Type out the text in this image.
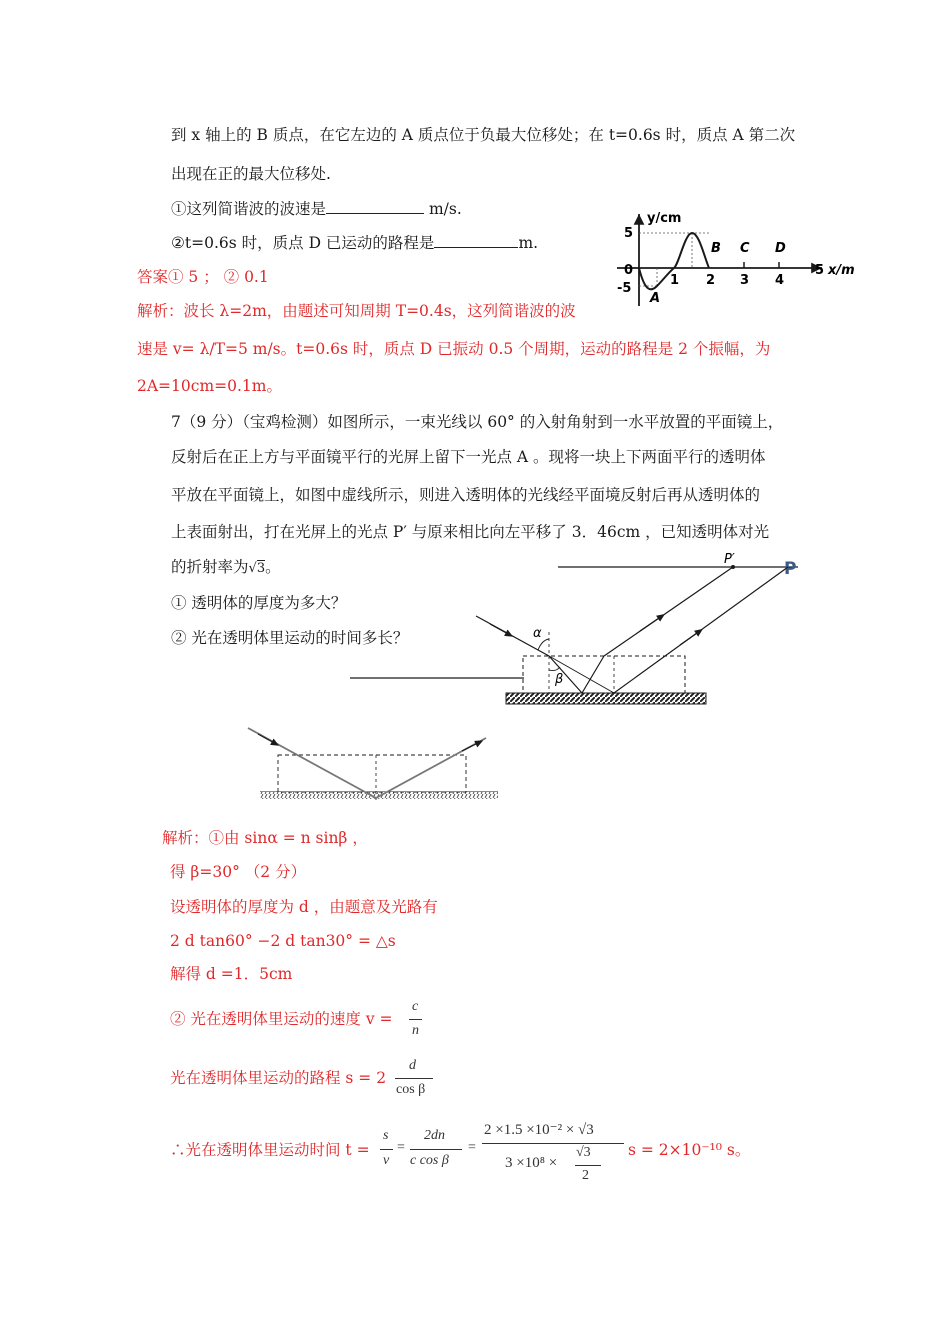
到 x 轴上的 B 质点，在它左边的 A 质点位于负最大位移处；在 t=0.6s 时，质点 A 第二次
出现在正的最大位移处.
①这列简谐波的波速是	m/s.
②t=0.6s 时，质点 D 已运动的路程是	m.
答案① 5 ； ② 0.1
解析：波长 λ=2m，由题述可知周期 T=0.4s，这列简谐波的波
速是 v= λ/T=5 m/s。t=0.6s 时，质点 D 已振动 0.5 个周期，运动的路程是 2 个振幅，为
2A=10cm=0.1m。
y/cm
5
-5
0
1 2 3 4
5 x/m
A
B C D
7（9 分）（宝鸡检测）如图所示，一束光线以 60° 的入射角射到一水平放置的平面镜上，
反射后在正上方与平面镜平行的光屏上留下一光点 A 。现将一块上下两面平行的透明体
平放在平面镜上，如图中虚线所示，则进入透明体的光线经平面境反射后再从透明体的
上表面射出，打在光屏上的光点 P′ 与原来相比向左平移了 3．46cm ，已知透明体对光
的折射率为√3。
① 透明体的厚度为多大？
② 光在透明体里运动的时间多长？
P′	P
α
β
解析：①由 sinα = n sinβ ，
得 β=30° （2 分）
设透明体的厚度为 d ，由题意及光路有
2 d tan60° −2 d tan30° = △s
解得 d =1．5cm
② 光在透明体里运动的速度 v =
c
n
光在透明体里运动的路程 s = 2
d
cos β
∴光在透明体里运动时间 t =
s
v
=
2dn
c cos β
=
2 ×1.5 ×10⁻² × √3
3 ×10⁸ ×
√3
2
s = 2×10⁻¹⁰ s。
